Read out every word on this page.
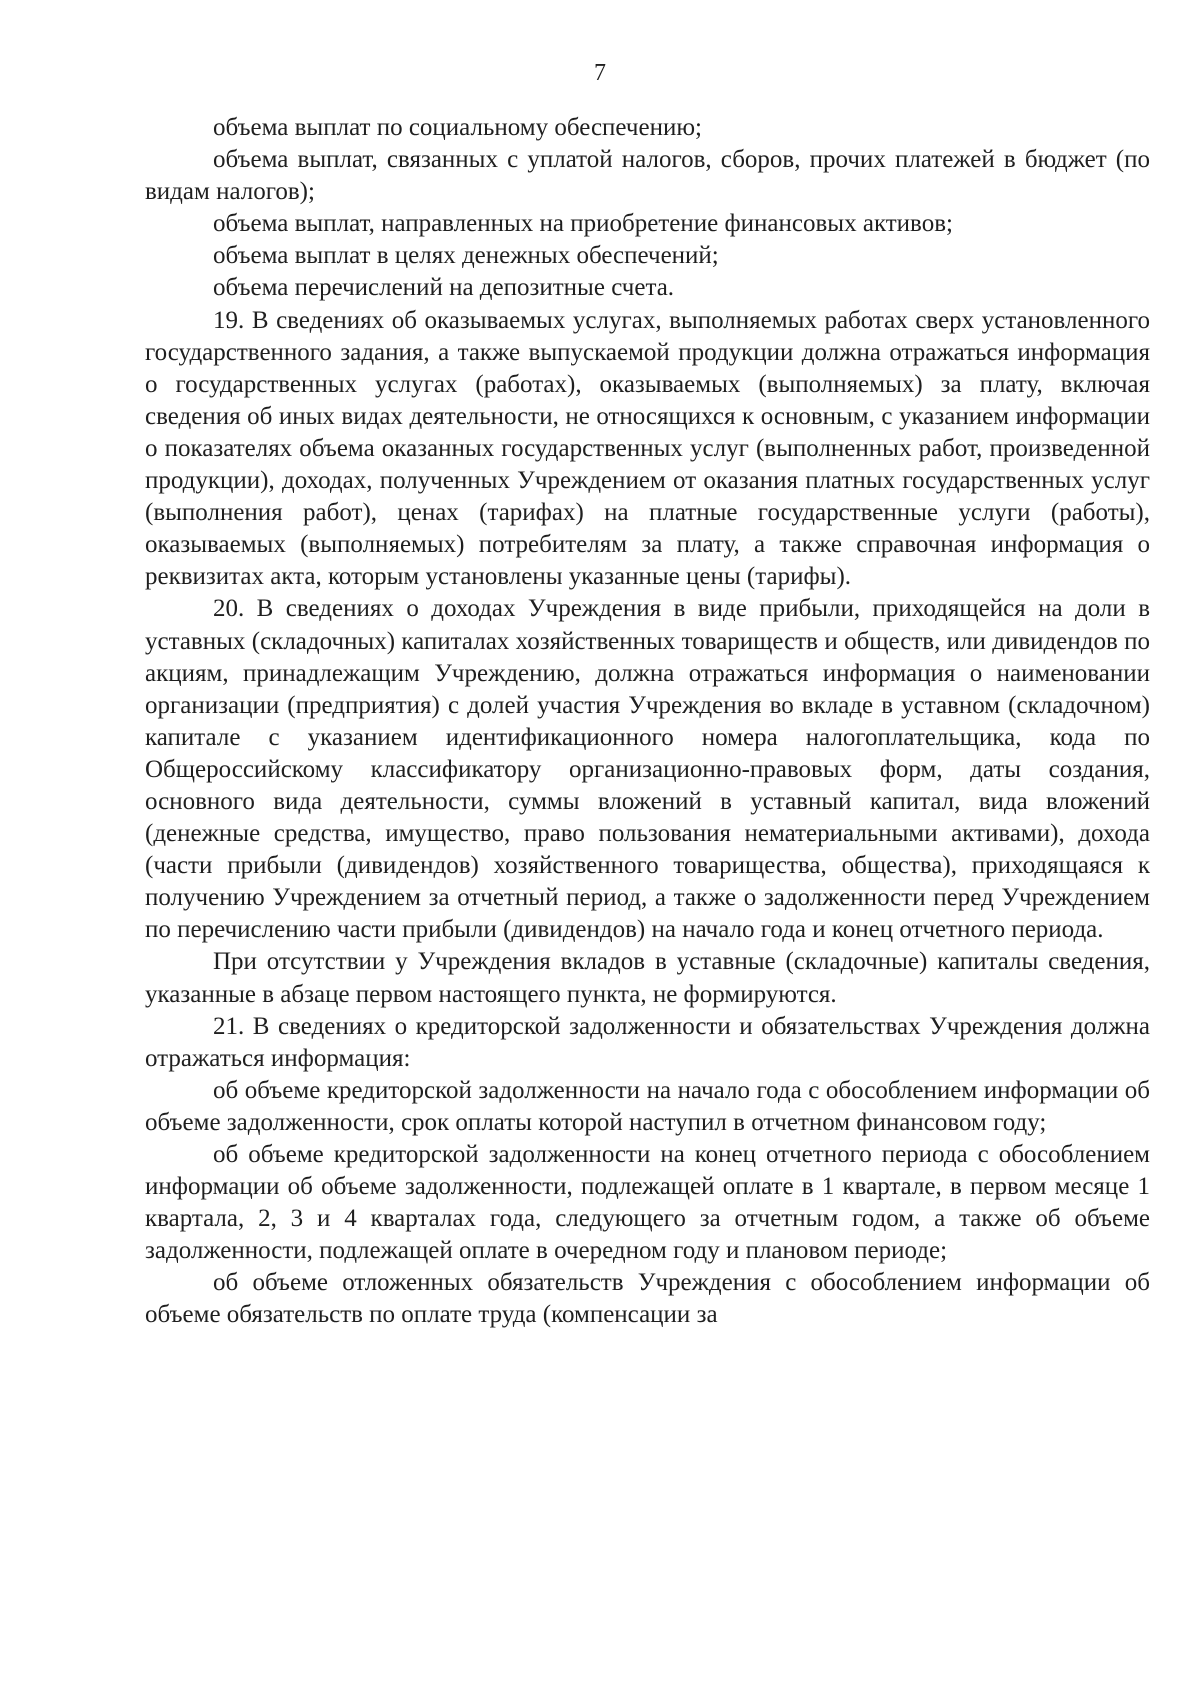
7

объема выплат по социальному обеспечению;

объема выплат, связанных с уплатой налогов, сборов, прочих платежей в бюджет (по видам налогов);

объема выплат, направленных на приобретение финансовых активов;

объема выплат в целях денежных обеспечений;

объема перечислений на депозитные счета.

19. В сведениях об оказываемых услугах, выполняемых работах сверх установленного государственного задания, а также выпускаемой продукции должна отражаться информация о государственных услугах (работах), оказываемых (выполняемых) за плату, включая сведения об иных видах деятельности, не относящихся к основным, с указанием информации о показателях объема оказанных государственных услуг (выполненных работ, произведенной продукции), доходах, полученных Учреждением от оказания платных государственных услуг (выполнения работ), ценах (тарифах) на платные государственные услуги (работы), оказываемых (выполняемых) потребителям за плату, а также справочная информация о реквизитах акта, которым установлены указанные цены (тарифы).

20. В сведениях о доходах Учреждения в виде прибыли, приходящейся на доли в уставных (складочных) капиталах хозяйственных товариществ и обществ, или дивидендов по акциям, принадлежащим Учреждению, должна отражаться информация о наименовании организации (предприятия) с долей участия Учреждения во вкладе в уставном (складочном) капитале с указанием идентификационного номера налогоплательщика, кода по Общероссийскому классификатору организационно-правовых форм, даты создания, основного вида деятельности, суммы вложений в уставный капитал, вида вложений (денежные средства, имущество, право пользования нематериальными активами), дохода (части прибыли (дивидендов) хозяйственного товарищества, общества), приходящаяся к получению Учреждением за отчетный период, а также о задолженности перед Учреждением по перечислению части прибыли (дивидендов) на начало года и конец отчетного периода.

При отсутствии у Учреждения вкладов в уставные (складочные) капиталы сведения, указанные в абзаце первом настоящего пункта, не формируются.

21. В сведениях о кредиторской задолженности и обязательствах Учреждения должна отражаться информация:

об объеме кредиторской задолженности на начало года с обособлением информации об объеме задолженности, срок оплаты которой наступил в отчетном финансовом году;

об объеме кредиторской задолженности на конец отчетного периода с обособлением информации об объеме задолженности, подлежащей оплате в 1 квартале, в первом месяце 1 квартала, 2, 3 и 4 кварталах года, следующего за отчетным годом, а также об объеме задолженности, подлежащей оплате в очередном году и плановом периоде;

об объеме отложенных обязательств Учреждения с обособлением информации об объеме обязательств по оплате труда (компенсации за
